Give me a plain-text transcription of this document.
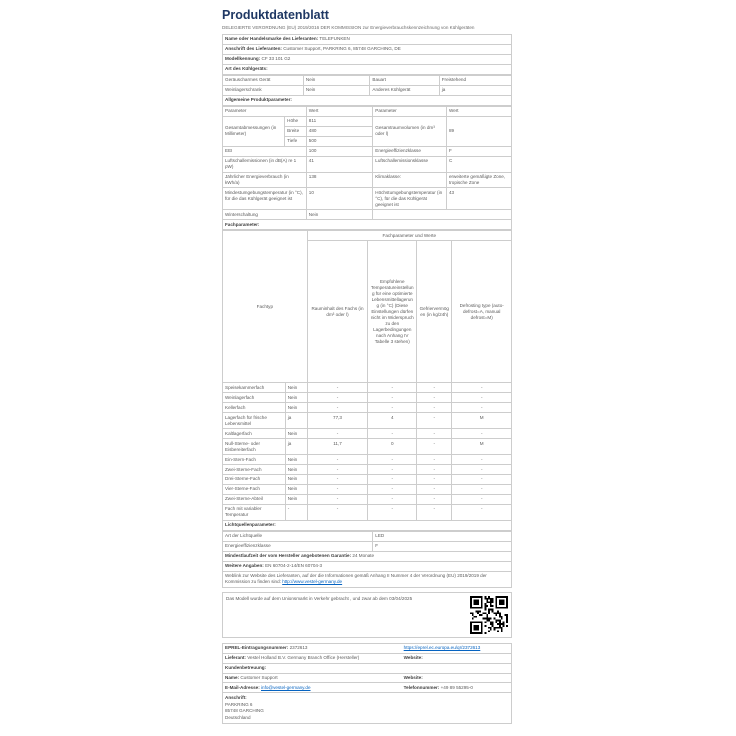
Produktdatenblatt
DELEGIERTE VERORDNUNG (EU) 2019/2016 DER KOMMISSION zur Energieverbrauchskennzeichnung von Kühlgeräten
Name oder Handelsmarke des Lieferanten: TELEFUNKEN
Anschrift des Lieferanten: Customer Support, PARKRING 6, 85748 GARCHING, DE
Modellkennung: CF 33 101 G2
Art des Kühlgeräts:
Geräuscharmes Gerät	Nein	Bauart	Freistehend
Weinlagerschrank	Nein	Anderes Kühlgerät	ja
Allgemeine Produktparameter:			
Parameter		Wert	Parameter	Wert
Gesamtabmessungen (in Millimeter)	Höhe	811	Gesamtraumvolumen (in dm³ oder l)	89
	Breite	480		
	Tiefe	500		
EEI		100	Energieeffizienzklasse	F
Luftschallemissionen (in dB(A) re 1 pW)		41	Luftschallemissionsklasse	C
Jährlicher Energieverbrauch (in kWh/a)		138	Klimaklasse:	erweiterte gemäßigte Zone, tropische Zone
Mindestumgebungstemperatur (in °C), für die das Kühlgerät geeignet ist		10	Höchstumgebungstemperatur (in °C), für die das Kühlgerät geeignet ist	43
Winterschaltung		Nein		
Fachparameter:				
Fachtyp		Fachparameter und Werte			
		Rauminhalt des Fachs (in dm³ oder l)	Empfohlene Temperatureinstellung für eine optimierte Lebensmittellagerung (in °C) (Diese Einstellungen dürfen nicht im Widerspruch zu den Lagerbedingungen nach Anhang IV Tabelle 3 stehen)	Gefriervermögen (in kg/24h)	Defrosting type (auto-defrost=A, manual defrost=M)
Speisekammerfach	Nein	-	-	-	-
Weinlagerfach	Nein	-	-	-	-
Kellerfach	Nein	-	-	-	-
Lagerfach für frische Lebensmittel	ja	77,3	4	-	M
Kaltlagerfach	Nein	-	-	-	-
Null-Sterne- oder Eisbereiterfach	ja	11,7	0	-	M
Ein-Stern-Fach	Nein	-	-	-	-
Zwei-Sterne-Fach	Nein	-	-	-	-
Drei-Sterne-Fach	Nein	-	-	-	-
Vier-Sterne-Fach	Nein	-	-	-	-
Zwei-Sterne-Abteil	Nein	-	-	-	-
Fach mit variabler Temperatur	-	-	-	-	-
Lichtquellenparameter:					
Art der Lichtquelle	LED
Energieeffizienzklasse	F
Mindestlaufzeit der vom Hersteller angebotenen Garantie: 24 Monate	
Weitere Angaben: EN 60704-2-14/EN 60704-3	
Weblink zur Website des Lieferanten, auf der die Informationen gemäß Anhang II Nummer 4 der Verordnung (EU) 2019/2019 der Kommission zu finden sind: http://www.vestel-germany.de	
Das Modell wurde auf dem Unionsmarkt in Verkehr gebracht , und zwar ab dem 03/04/2025
EPREL-Eintragungsnummer: 2372613	https://eprel.ec.europa.eu/qr/2372613
Lieferant: Vestel Holland B.V. Germany Branch Office (Hersteller)	Website:
Kundenbetreuung:	
Name: Customer Support	Website:
E-Mail-Adresse: info@vestel-germany.de	Telefonnummer: +49 89 55295-0

Anschrift:
PARKRING 6
85748 GARCHING
Deutschland	
